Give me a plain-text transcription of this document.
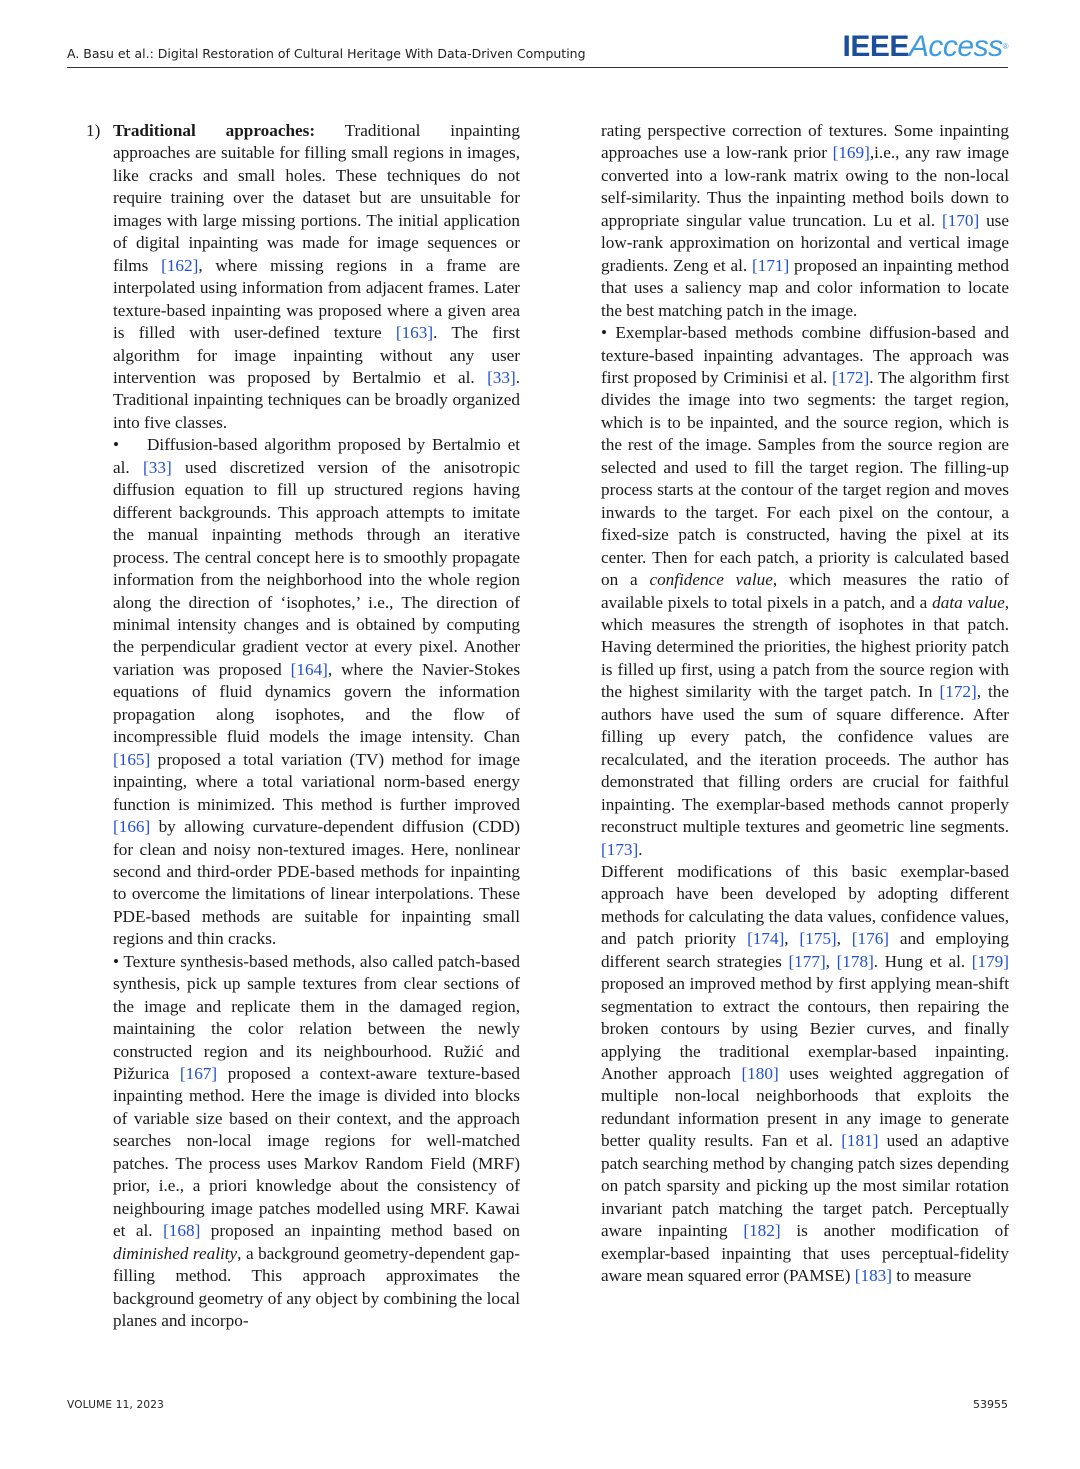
A. Basu et al.: Digital Restoration of Cultural Heritage With Data-Driven Computing	IEEEAccess®
1) Traditional approaches: Traditional inpainting approaches are suitable for filling small regions in images, like cracks and small holes. These techniques do not require training over the dataset but are unsuitable for images with large missing portions. The initial application of digital inpainting was made for image sequences or films [162], where missing regions in a frame are interpolated using information from adjacent frames. Later texture-based inpainting was proposed where a given area is filled with user-defined texture [163]. The first algorithm for image inpainting without any user intervention was proposed by Bertalmio et al. [33]. Traditional inpainting techniques can be broadly organized into five classes.

• Diffusion-based algorithm proposed by Bertalmio et al. [33] used discretized version of the anisotropic diffusion equation to fill up structured regions having different backgrounds. This approach attempts to imitate the manual inpainting methods through an iterative process. The central concept here is to smoothly propagate information from the neighborhood into the whole region along the direction of ‘isophotes,’ i.e., The direction of minimal intensity changes and is obtained by computing the perpendicular gradient vector at every pixel. Another variation was proposed [164], where the Navier-Stokes equations of fluid dynamics govern the information propagation along isophotes, and the flow of incompressible fluid models the image intensity. Chan [165] proposed a total variation (TV) method for image inpainting, where a total variational norm-based energy function is minimized. This method is further improved [166] by allowing curvature-dependent diffusion (CDD) for clean and noisy non-textured images. Here, nonlinear second and third-order PDE-based methods for inpainting to overcome the limitations of linear interpolations. These PDE-based methods are suitable for inpainting small regions and thin cracks.

• Texture synthesis-based methods, also called patch-based synthesis, pick up sample textures from clear sections of the image and replicate them in the damaged region, maintaining the color relation between the newly constructed region and its neighbourhood. Ružić and Pižurica [167] proposed a context-aware texture-based inpainting method. Here the image is divided into blocks of variable size based on their context, and the approach searches non-local image regions for well-matched patches. The process uses Markov Random Field (MRF) prior, i.e., a priori knowledge about the consistency of neighbouring image patches modelled using MRF. Kawai et al. [168] proposed an inpainting method based on diminished reality, a background geometry-dependent gap-filling method. This approach approximates the background geometry of any object by combining the local planes and incorpo-

rating perspective correction of textures. Some inpainting approaches use a low-rank prior [169],i.e., any raw image converted into a low-rank matrix owing to the non-local self-similarity. Thus the inpainting method boils down to appropriate singular value truncation. Lu et al. [170] use low-rank approximation on horizontal and vertical image gradients. Zeng et al. [171] proposed an inpainting method that uses a saliency map and color information to locate the best matching patch in the image.

• Exemplar-based methods combine diffusion-based and texture-based inpainting advantages. The approach was first proposed by Criminisi et al. [172]. The algorithm first divides the image into two segments: the target region, which is to be inpainted, and the source region, which is the rest of the image. Samples from the source region are selected and used to fill the target region. The filling-up process starts at the contour of the target region and moves inwards to the target. For each pixel on the contour, a fixed-size patch is constructed, having the pixel at its center. Then for each patch, a priority is calculated based on a confidence value, which measures the ratio of available pixels to total pixels in a patch, and a data value, which measures the strength of isophotes in that patch. Having determined the priorities, the highest priority patch is filled up first, using a patch from the source region with the highest similarity with the target patch. In [172], the authors have used the sum of square difference. After filling up every patch, the confidence values are recalculated, and the iteration proceeds. The author has demonstrated that filling orders are crucial for faithful inpainting. The exemplar-based methods cannot properly reconstruct multiple textures and geometric line segments. [173].

Different modifications of this basic exemplar-based approach have been developed by adopting different methods for calculating the data values, confidence values, and patch priority [174], [175], [176] and employing different search strategies [177], [178]. Hung et al. [179] proposed an improved method by first applying mean-shift segmentation to extract the contours, then repairing the broken contours by using Bezier curves, and finally applying the traditional exemplar-based inpainting. Another approach [180] uses weighted aggregation of multiple non-local neighborhoods that exploits the redundant information present in any image to generate better quality results. Fan et al. [181] used an adaptive patch searching method by changing patch sizes depending on patch sparsity and picking up the most similar rotation invariant patch matching the target patch. Perceptually aware inpainting [182] is another modification of exemplar-based inpainting that uses perceptual-fidelity aware mean squared error (PAMSE) [183] to measure

VOLUME 11, 2023	53955
